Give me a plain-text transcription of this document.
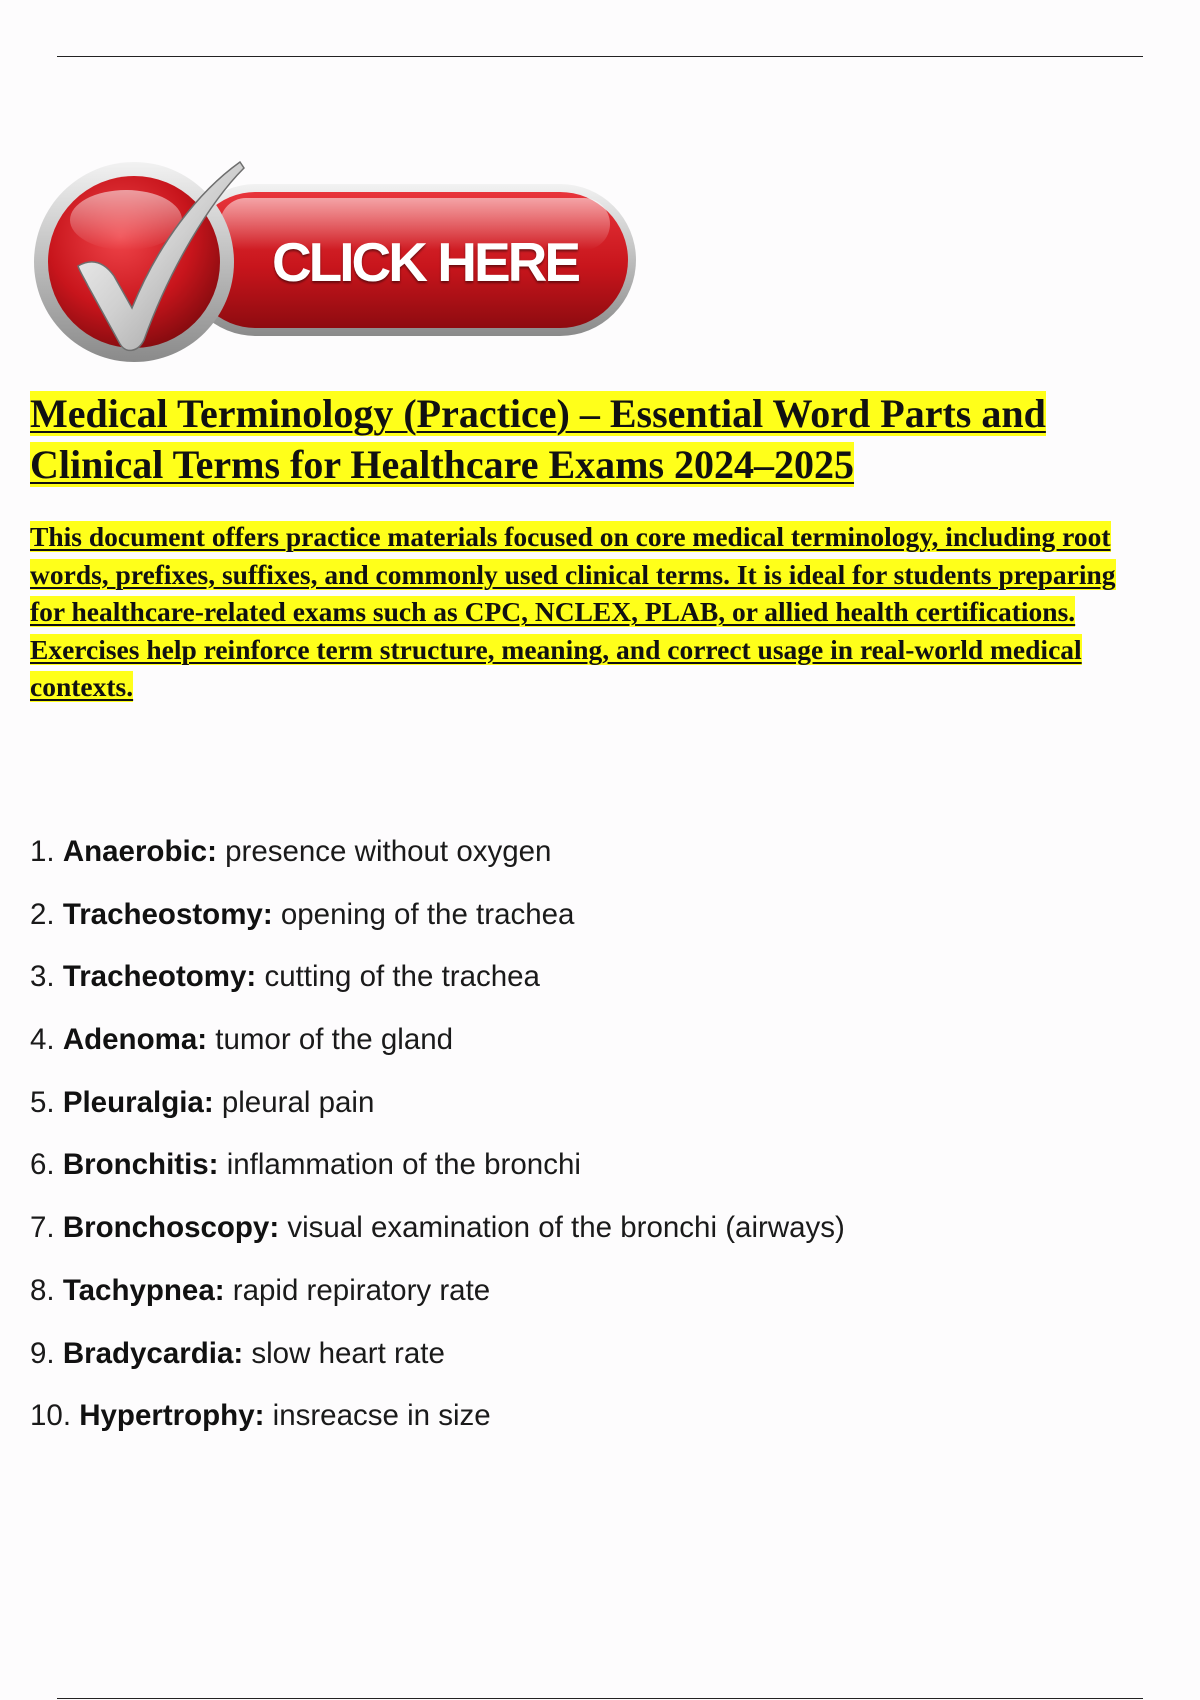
CLICK HERE
Medical Terminology (Practice) – Essential Word Parts and Clinical Terms for Healthcare Exams 2024–2025

This document offers practice materials focused on core medical terminology, including root words, prefixes, suffixes, and commonly used clinical terms. It is ideal for students preparing for healthcare-related exams such as CPC, NCLEX, PLAB, or allied health certifications. Exercises help reinforce term structure, meaning, and correct usage in real-world medical contexts.

1. Anaerobic: presence without oxygen
2. Tracheostomy: opening of the trachea
3. Tracheotomy: cutting of the trachea
4. Adenoma: tumor of the gland
5. Pleuralgia: pleural pain
6. Bronchitis: inflammation of the bronchi
7. Bronchoscopy: visual examination of the bronchi (airways)
8. Tachypnea: rapid repiratory rate
9. Bradycardia: slow heart rate
10. Hypertrophy: insreacse in size
